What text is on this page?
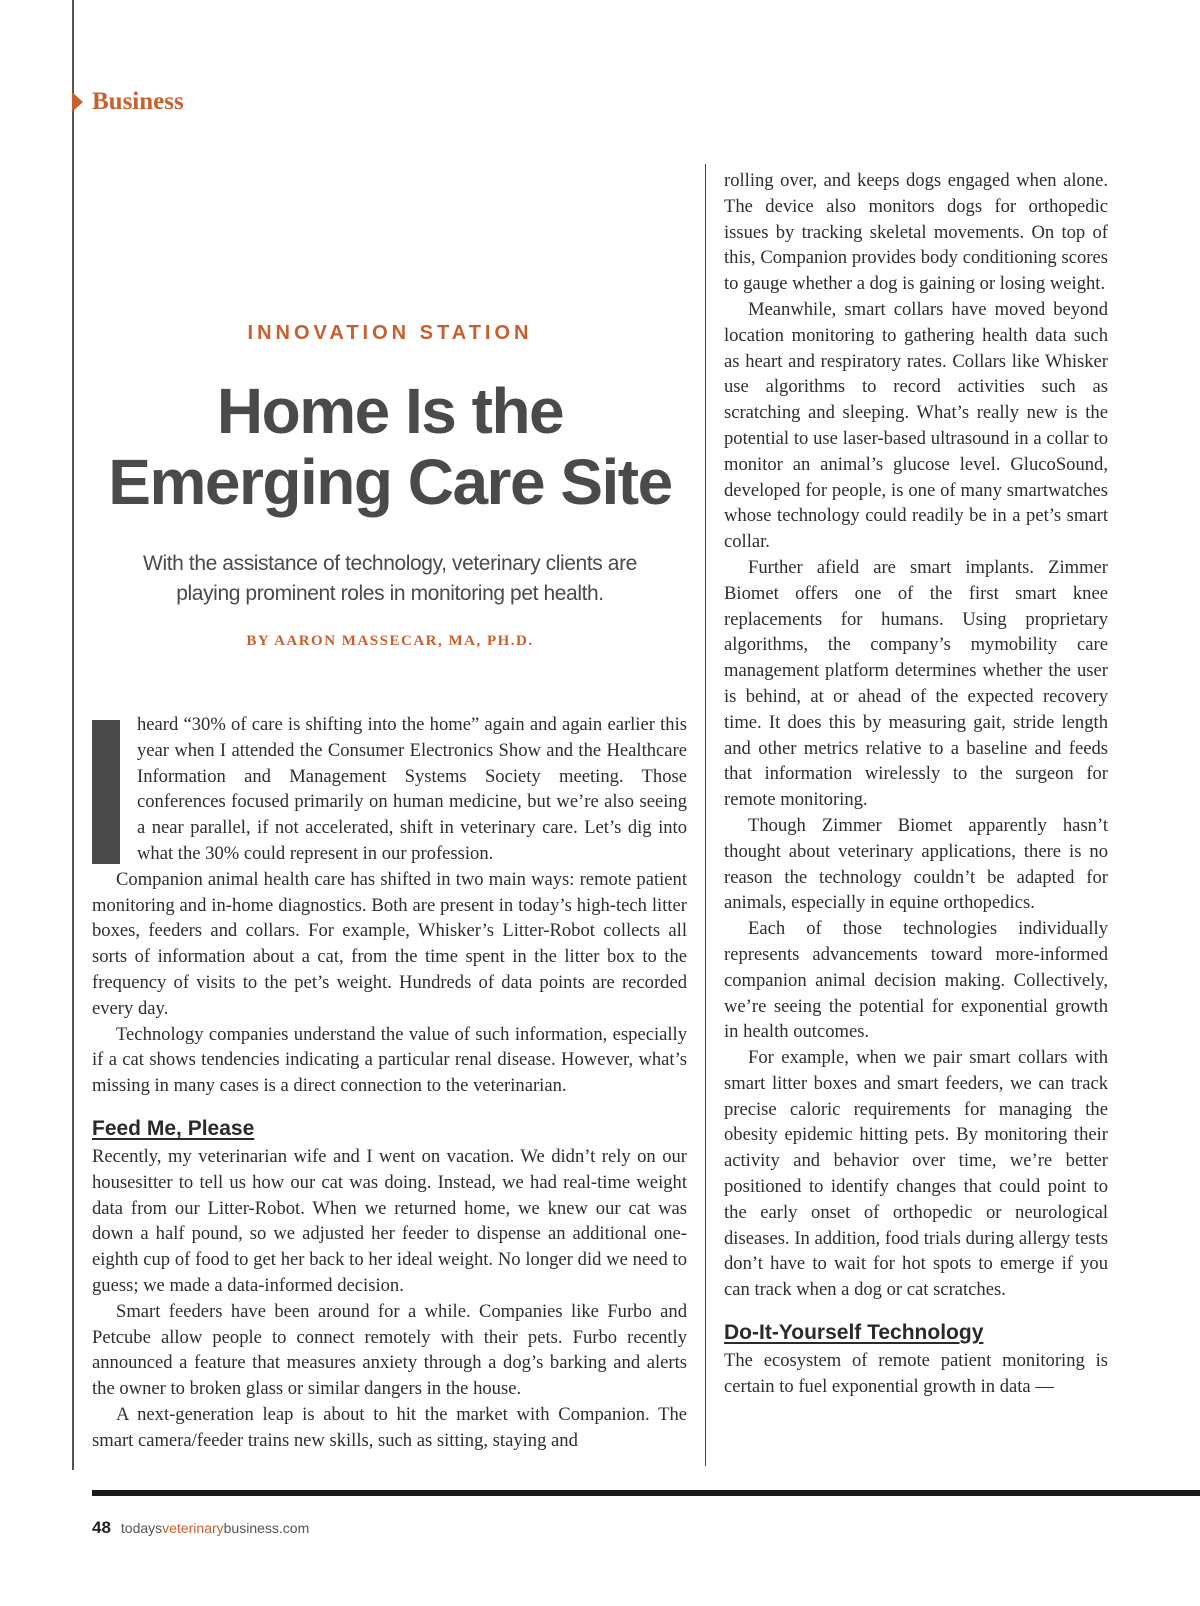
Business
INNOVATION STATION
Home Is the
Emerging Care Site
With the assistance of technology, veterinary clients are playing prominent roles in monitoring pet health.
BY AARON MASSECAR, MA, PH.D.

heard “30% of care is shifting into the home” again and again earlier this year when I attended the Consumer Electronics Show and the Healthcare Information and Management Systems Society meeting. Those conferences focused primarily on human medicine, but we’re also seeing a near parallel, if not accelerated, shift in veterinary care. Let’s dig into what the 30% could represent in our profession.

Companion animal health care has shifted in two main ways: remote patient monitoring and in-home diagnostics. Both are present in today’s high-tech litter boxes, feeders and collars. For example, Whisker’s Litter-Robot collects all sorts of information about a cat, from the time spent in the litter box to the frequency of visits to the pet’s weight. Hundreds of data points are recorded every day.

Technology companies understand the value of such information, especially if a cat shows tendencies indicating a particular renal disease. However, what’s missing in many cases is a direct connection to the veterinarian.

Feed Me, Please

Recently, my veterinarian wife and I went on vacation. We didn’t rely on our housesitter to tell us how our cat was doing. Instead, we had real-time weight data from our Litter-Robot. When we returned home, we knew our cat was down a half pound, so we adjusted her feeder to dispense an additional one-eighth cup of food to get her back to her ideal weight. No longer did we need to guess; we made a data-informed decision.

Smart feeders have been around for a while. Companies like Furbo and Petcube allow people to connect remotely with their pets. Furbo recently announced a feature that measures anxiety through a dog’s barking and alerts the owner to broken glass or similar dangers in the house.

A next-generation leap is about to hit the market with Companion. The smart camera/feeder trains new skills, such as sitting, staying and

rolling over, and keeps dogs engaged when alone. The device also monitors dogs for orthopedic issues by tracking skeletal movements. On top of this, Companion provides body conditioning scores to gauge whether a dog is gaining or losing weight.

Meanwhile, smart collars have moved beyond location monitoring to gathering health data such as heart and respiratory rates. Collars like Whisker use algorithms to record activities such as scratching and sleeping. What’s really new is the potential to use laser-based ultrasound in a collar to monitor an animal’s glucose level. GlucoSound, developed for people, is one of many smartwatches whose technology could readily be in a pet’s smart collar.

Further afield are smart implants. Zimmer Biomet offers one of the first smart knee replacements for humans. Using proprietary algorithms, the company’s mymobility care management platform determines whether the user is behind, at or ahead of the expected recovery time. It does this by measuring gait, stride length and other metrics relative to a baseline and feeds that information wirelessly to the surgeon for remote monitoring.

Though Zimmer Biomet apparently hasn’t thought about veterinary applications, there is no reason the technology couldn’t be adapted for animals, especially in equine orthopedics.

Each of those technologies individually represents advancements toward more-informed companion animal decision making. Collectively, we’re seeing the potential for exponential growth in health outcomes.

For example, when we pair smart collars with smart litter boxes and smart feeders, we can track precise caloric requirements for managing the obesity epidemic hitting pets. By monitoring their activity and behavior over time, we’re better positioned to identify changes that could point to the early onset of orthopedic or neurological diseases. In addition, food trials during allergy tests don’t have to wait for hot spots to emerge if you can track when a dog or cat scratches.

Do-It-Yourself Technology

The ecosystem of remote patient monitoring is certain to fuel exponential growth in data —

48 todaysveterinarybusiness.com
